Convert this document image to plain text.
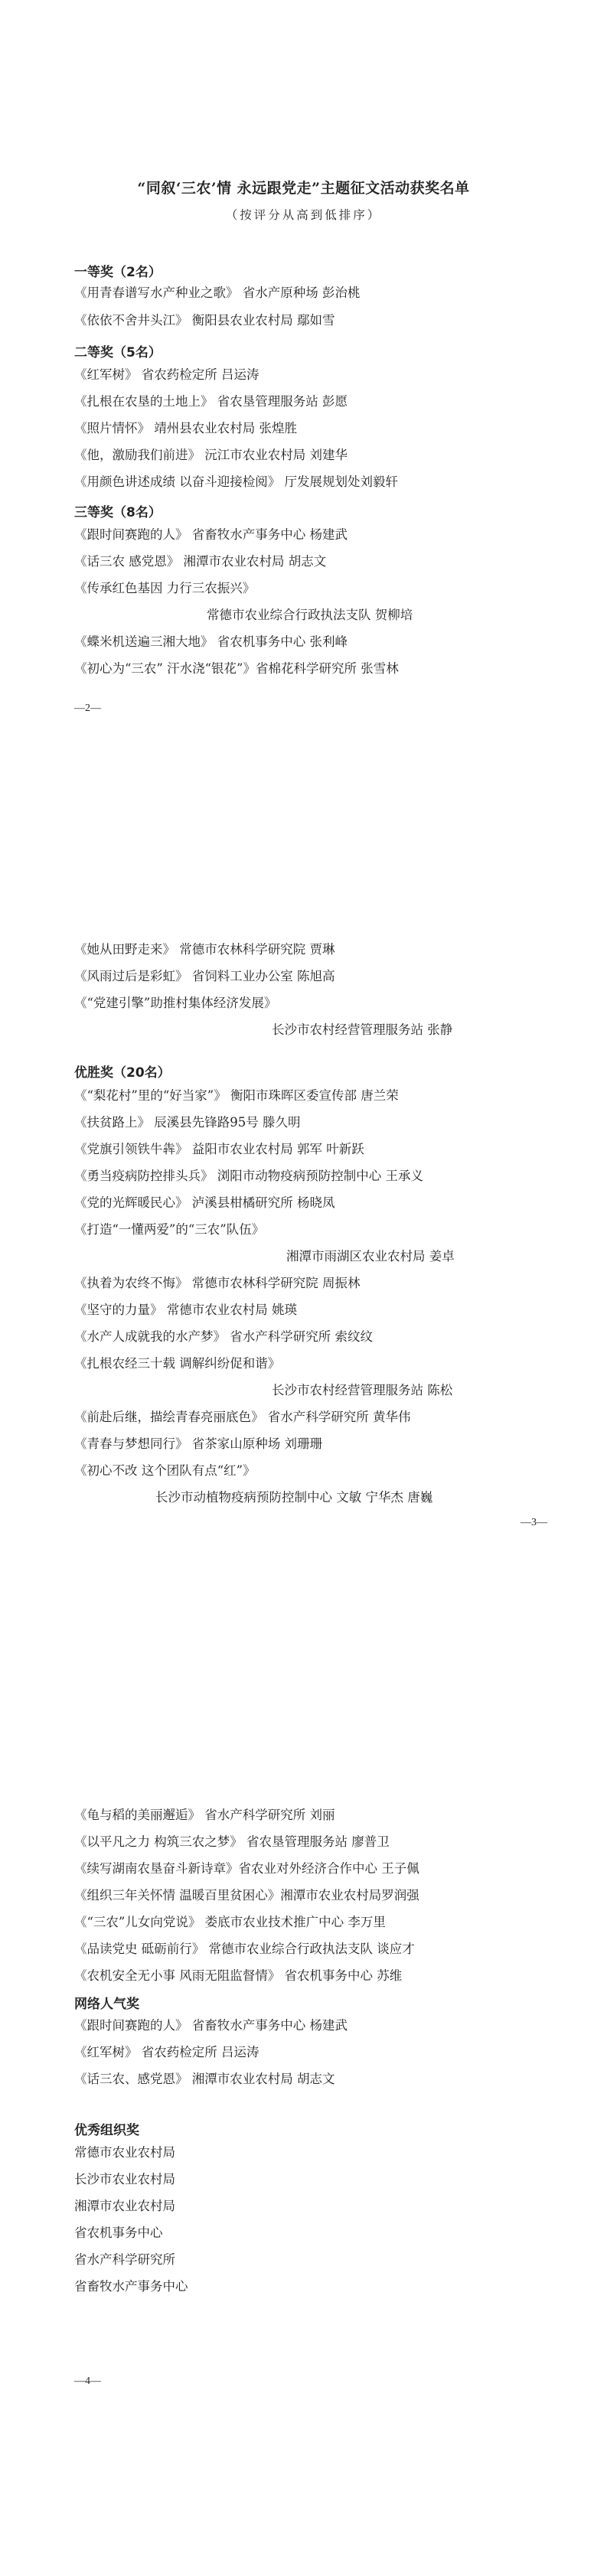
“同叙‘三农’情 永远跟党走”主题征文活动获奖名单
（按评分从高到低排序）
一等奖（2名）
《用青春谱写水产种业之歌》 省水产原种场 彭治桃
《依依不舍井头江》 衡阳县农业农村局 鄢如雪
二等奖（5名）
《红军树》 省农药检定所 吕运涛
《扎根在农垦的土地上》 省农垦管理服务站 彭愿
《照片情怀》 靖州县农业农村局 张煌胜
《他，激励我们前进》 沅江市农业农村局 刘建华
《用颜色讲述成绩 以奋斗迎接检阅》 厅发展规划处刘毅轩
三等奖（8名）
《跟时间赛跑的人》 省畜牧水产事务中心 杨建武
《话三农 感党恩》 湘潭市农业农村局 胡志文
《传承红色基因 力行三农振兴》
常德市农业综合行政执法支队 贺柳培
《蝶米机送遍三湘大地》 省农机事务中心 张利峰
《初心为“三农” 汗水浇“银花”》省棉花科学研究所 张雪林
—2—
《她从田野走来》 常德市农林科学研究院 贾琳
《风雨过后是彩虹》 省饲料工业办公室 陈旭高
《“党建引擎”助推村集体经济发展》
长沙市农村经营管理服务站 张静
优胜奖（20名）
《“梨花村”里的“好当家”》 衡阳市珠晖区委宣传部 唐兰荣
《扶贫路上》 辰溪县先锋路95号 滕久明
《党旗引领铁牛犇》 益阳市农业农村局 郭军 叶新跃
《勇当疫病防控排头兵》 浏阳市动物疫病预防控制中心 王承义
《党的光辉暖民心》 泸溪县柑橘研究所 杨晓凤
《打造“一懂两爱”的“三农”队伍》
湘潭市雨湖区农业农村局 姜卓
《执着为农终不悔》 常德市农林科学研究院 周振林
《坚守的力量》 常德市农业农村局 姚瑛
《水产人成就我的水产梦》 省水产科学研究所 索纹纹
《扎根农经三十载 调解纠纷促和谐》
长沙市农村经营管理服务站 陈松
《前赴后继，描绘青春亮丽底色》 省水产科学研究所 黄华伟
《青春与梦想同行》 省茶家山原种场 刘珊珊
《初心不改 这个团队有点“红”》
长沙市动植物疫病预防控制中心 文敏 宁华杰 唐巍
—3—
《龟与稻的美丽邂逅》 省水产科学研究所 刘丽
《以平凡之力 构筑三农之梦》 省农垦管理服务站 廖普卫
《续写湖南农垦奋斗新诗章》省农业对外经济合作中心 王子佩
《组织三年关怀情 温暖百里贫困心》湘潭市农业农村局罗润强
《“三农”儿女向党说》 娄底市农业技术推广中心 李万里
《品读党史 砥砺前行》 常德市农业综合行政执法支队 谈应才
《农机安全无小事 风雨无阻监督情》 省农机事务中心 苏维
网络人气奖
《跟时间赛跑的人》 省畜牧水产事务中心 杨建武
《红军树》 省农药检定所 吕运涛
《话三农、感党恩》 湘潭市农业农村局 胡志文
优秀组织奖
常德市农业农村局
长沙市农业农村局
湘潭市农业农村局
省农机事务中心
省水产科学研究所
省畜牧水产事务中心
—4—
